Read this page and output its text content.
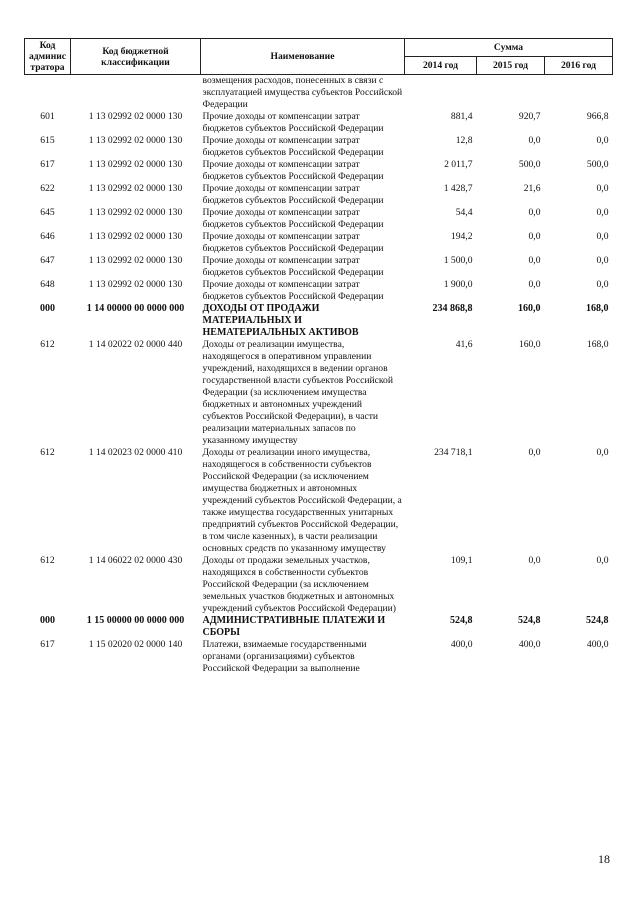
Код админис тратора	Код бюджетной классификации	Наименование	Сумма		
			2014 год	2015 год	2016 год
		возмещения расходов, понесенных в связи с эксплуатацией имущества субъектов Российской Федерации			
601	1 13 02992 02 0000 130	Прочие доходы от компенсации затрат бюджетов субъектов Российской Федерации	881,4	920,7	966,8
615	1 13 02992 02 0000 130	Прочие доходы от компенсации затрат бюджетов субъектов Российской Федерации	12,8	0,0	0,0
617	1 13 02992 02 0000 130	Прочие доходы от компенсации затрат бюджетов субъектов Российской Федерации	2 011,7	500,0	500,0
622	1 13 02992 02 0000 130	Прочие доходы от компенсации затрат бюджетов субъектов Российской Федерации	1 428,7	21,6	0,0
645	1 13 02992 02 0000 130	Прочие доходы от компенсации затрат бюджетов субъектов Российской Федерации	54,4	0,0	0,0
646	1 13 02992 02 0000 130	Прочие доходы от компенсации затрат бюджетов субъектов Российской Федерации	194,2	0,0	0,0
647	1 13 02992 02 0000 130	Прочие доходы от компенсации затрат бюджетов субъектов Российской Федерации	1 500,0	0,0	0,0
648	1 13 02992 02 0000 130	Прочие доходы от компенсации затрат бюджетов субъектов Российской Федерации	1 900,0	0,0	0,0
000	1 14 00000 00 0000 000	ДОХОДЫ ОТ ПРОДАЖИ МАТЕРИАЛЬНЫХ И НЕМАТЕРИАЛЬНЫХ АКТИВОВ	234 868,8	160,0	168,0
612	1 14 02022 02 0000 440	Доходы от реализации имущества, находящегося в оперативном управлении учреждений, находящихся в ведении органов государственной власти субъектов Российской Федерации (за исключением имущества бюджетных и автономных учреждений субъектов Российской Федерации), в части реализации материальных запасов по указанному имуществу	41,6	160,0	168,0
612	1 14 02023 02 0000 410	Доходы от реализации иного имущества, находящегося в собственности субъектов Российской Федерации (за исключением имущества бюджетных и автономных учреждений субъектов Российской Федерации, а также имущества государственных унитарных предприятий субъектов Российской Федерации, в том числе казенных), в части реализации основных средств по указанному имуществу	234 718,1	0,0	0,0
612	1 14 06022 02 0000 430	Доходы от продажи земельных участков, находящихся в собственности субъектов Российской Федерации (за исключением земельных участков бюджетных и автономных учреждений субъектов Российской Федерации)	109,1	0,0	0,0
000	1 15 00000 00 0000 000	АДМИНИСТРАТИВНЫЕ ПЛАТЕЖИ И СБОРЫ	524,8	524,8	524,8
617	1 15 02020 02 0000 140	Платежи, взимаемые государственными органами (организациями) субъектов Российской Федерации за выполнение	400,0	400,0	400,0
18
